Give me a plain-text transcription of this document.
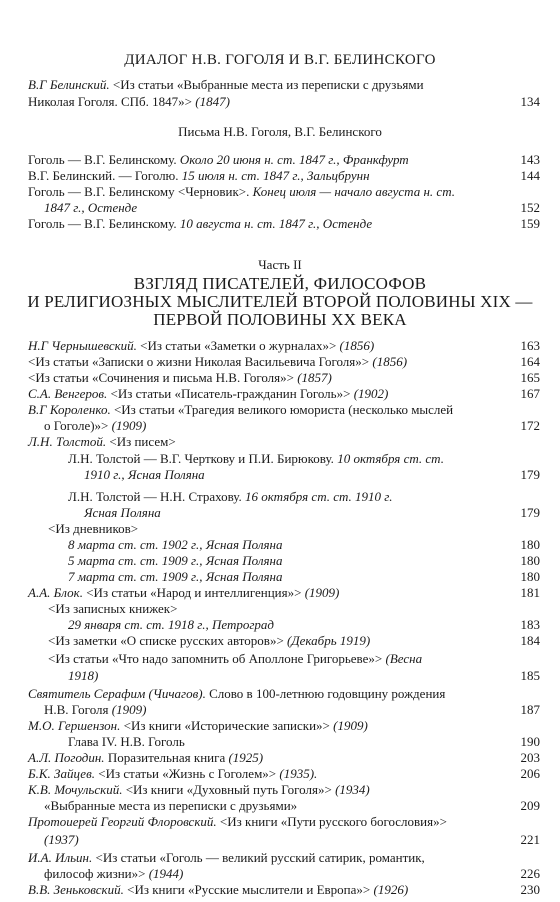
ДИАЛОГ Н.В. ГОГОЛЯ И В.Г. БЕЛИНСКОГО
В.Г Белинский. <Из статьи «Выбранные места из переписки с друзьями
Николая Гоголя. СПб. 1847»> (1847)	134
Письма Н.В. Гоголя, В.Г. Белинского
Гоголь — В.Г. Белинскому. Около 20 июня н. ст. 1847 г., Франкфурт	143
В.Г. Белинский. — Гоголю. 15 июля н. ст. 1847 г., Зальцбрунн	144
Гоголь — В.Г. Белинскому <Черновик>. Конец июля — начало августа н. ст.
1847 г., Остенде	152
Гоголь — В.Г. Белинскому. 10 августа н. ст. 1847 г., Остенде	159
Часть II
ВЗГЛЯД ПИСАТЕЛЕЙ, ФИЛОСОФОВ
И РЕЛИГИОЗНЫХ МЫСЛИТЕЛЕЙ ВТОРОЙ ПОЛОВИНЫ XIX —
ПЕРВОЙ ПОЛОВИНЫ XX ВЕКА
Н.Г Чернышевский. <Из статьи «Заметки о журналах»> (1856)	163
<Из статьи «Записки о жизни Николая Васильевича Гоголя»> (1856)	164
<Из статьи «Сочинения и письма Н.В. Гоголя»> (1857)	165
С.А. Венгеров. <Из статьи «Писатель-гражданин Гоголь»> (1902)	167
В.Г Короленко. <Из статьи «Трагедия великого юмориста (несколько мыслей
о Гоголе)»> (1909)	172
Л.Н. Толстой. <Из писем>
Л.Н. Толстой — В.Г. Черткову и П.И. Бирюкову. 10 октября ст. ст.
1910 г., Ясная Поляна	179
Л.Н. Толстой — Н.Н. Страхову. 16 октября ст. ст. 1910 г.
Ясная Поляна	179
<Из дневников>
8 марта ст. ст. 1902 г., Ясная Поляна	180
5 марта ст. ст. 1909 г., Ясная Поляна	180
7 марта ст. ст. 1909 г., Ясная Поляна	180
А.А. Блок. <Из статьи «Народ и интеллигенция»> (1909)	181
<Из записных книжек>
29 января ст. ст. 1918 г., Петроград	183
<Из заметки «О списке русских авторов»> (Декабрь 1919)	184
<Из статьи «Что надо запомнить об Аполлоне Григорьеве»> (Весна
1918)	185
Святитель Серафим (Чичагов). Слово в 100-летнюю годовщину рождения
Н.В. Гоголя (1909)	187
М.О. Гершензон. <Из книги «Исторические записки»> (1909)
Глава IV. Н.В. Гоголь	190
А.Л. Погодин. Поразительная книга (1925)	203
Б.К. Зайцев. <Из статьи «Жизнь с Гоголем»> (1935).	206
К.В. Мочульский. <Из книги «Духовный путь Гоголя»> (1934)
«Выбранные места из переписки с друзьями»	209
Протоиерей Георгий Флоровский. <Из книги «Пути русского богословия»>
(1937)	221
И.А. Ильин. <Из статьи «Гоголь — великий русский сатирик, романтик,
философ жизни»> (1944)	226
В.В. Зеньковский. <Из книги «Русские мыслители и Европа»> (1926)	230
